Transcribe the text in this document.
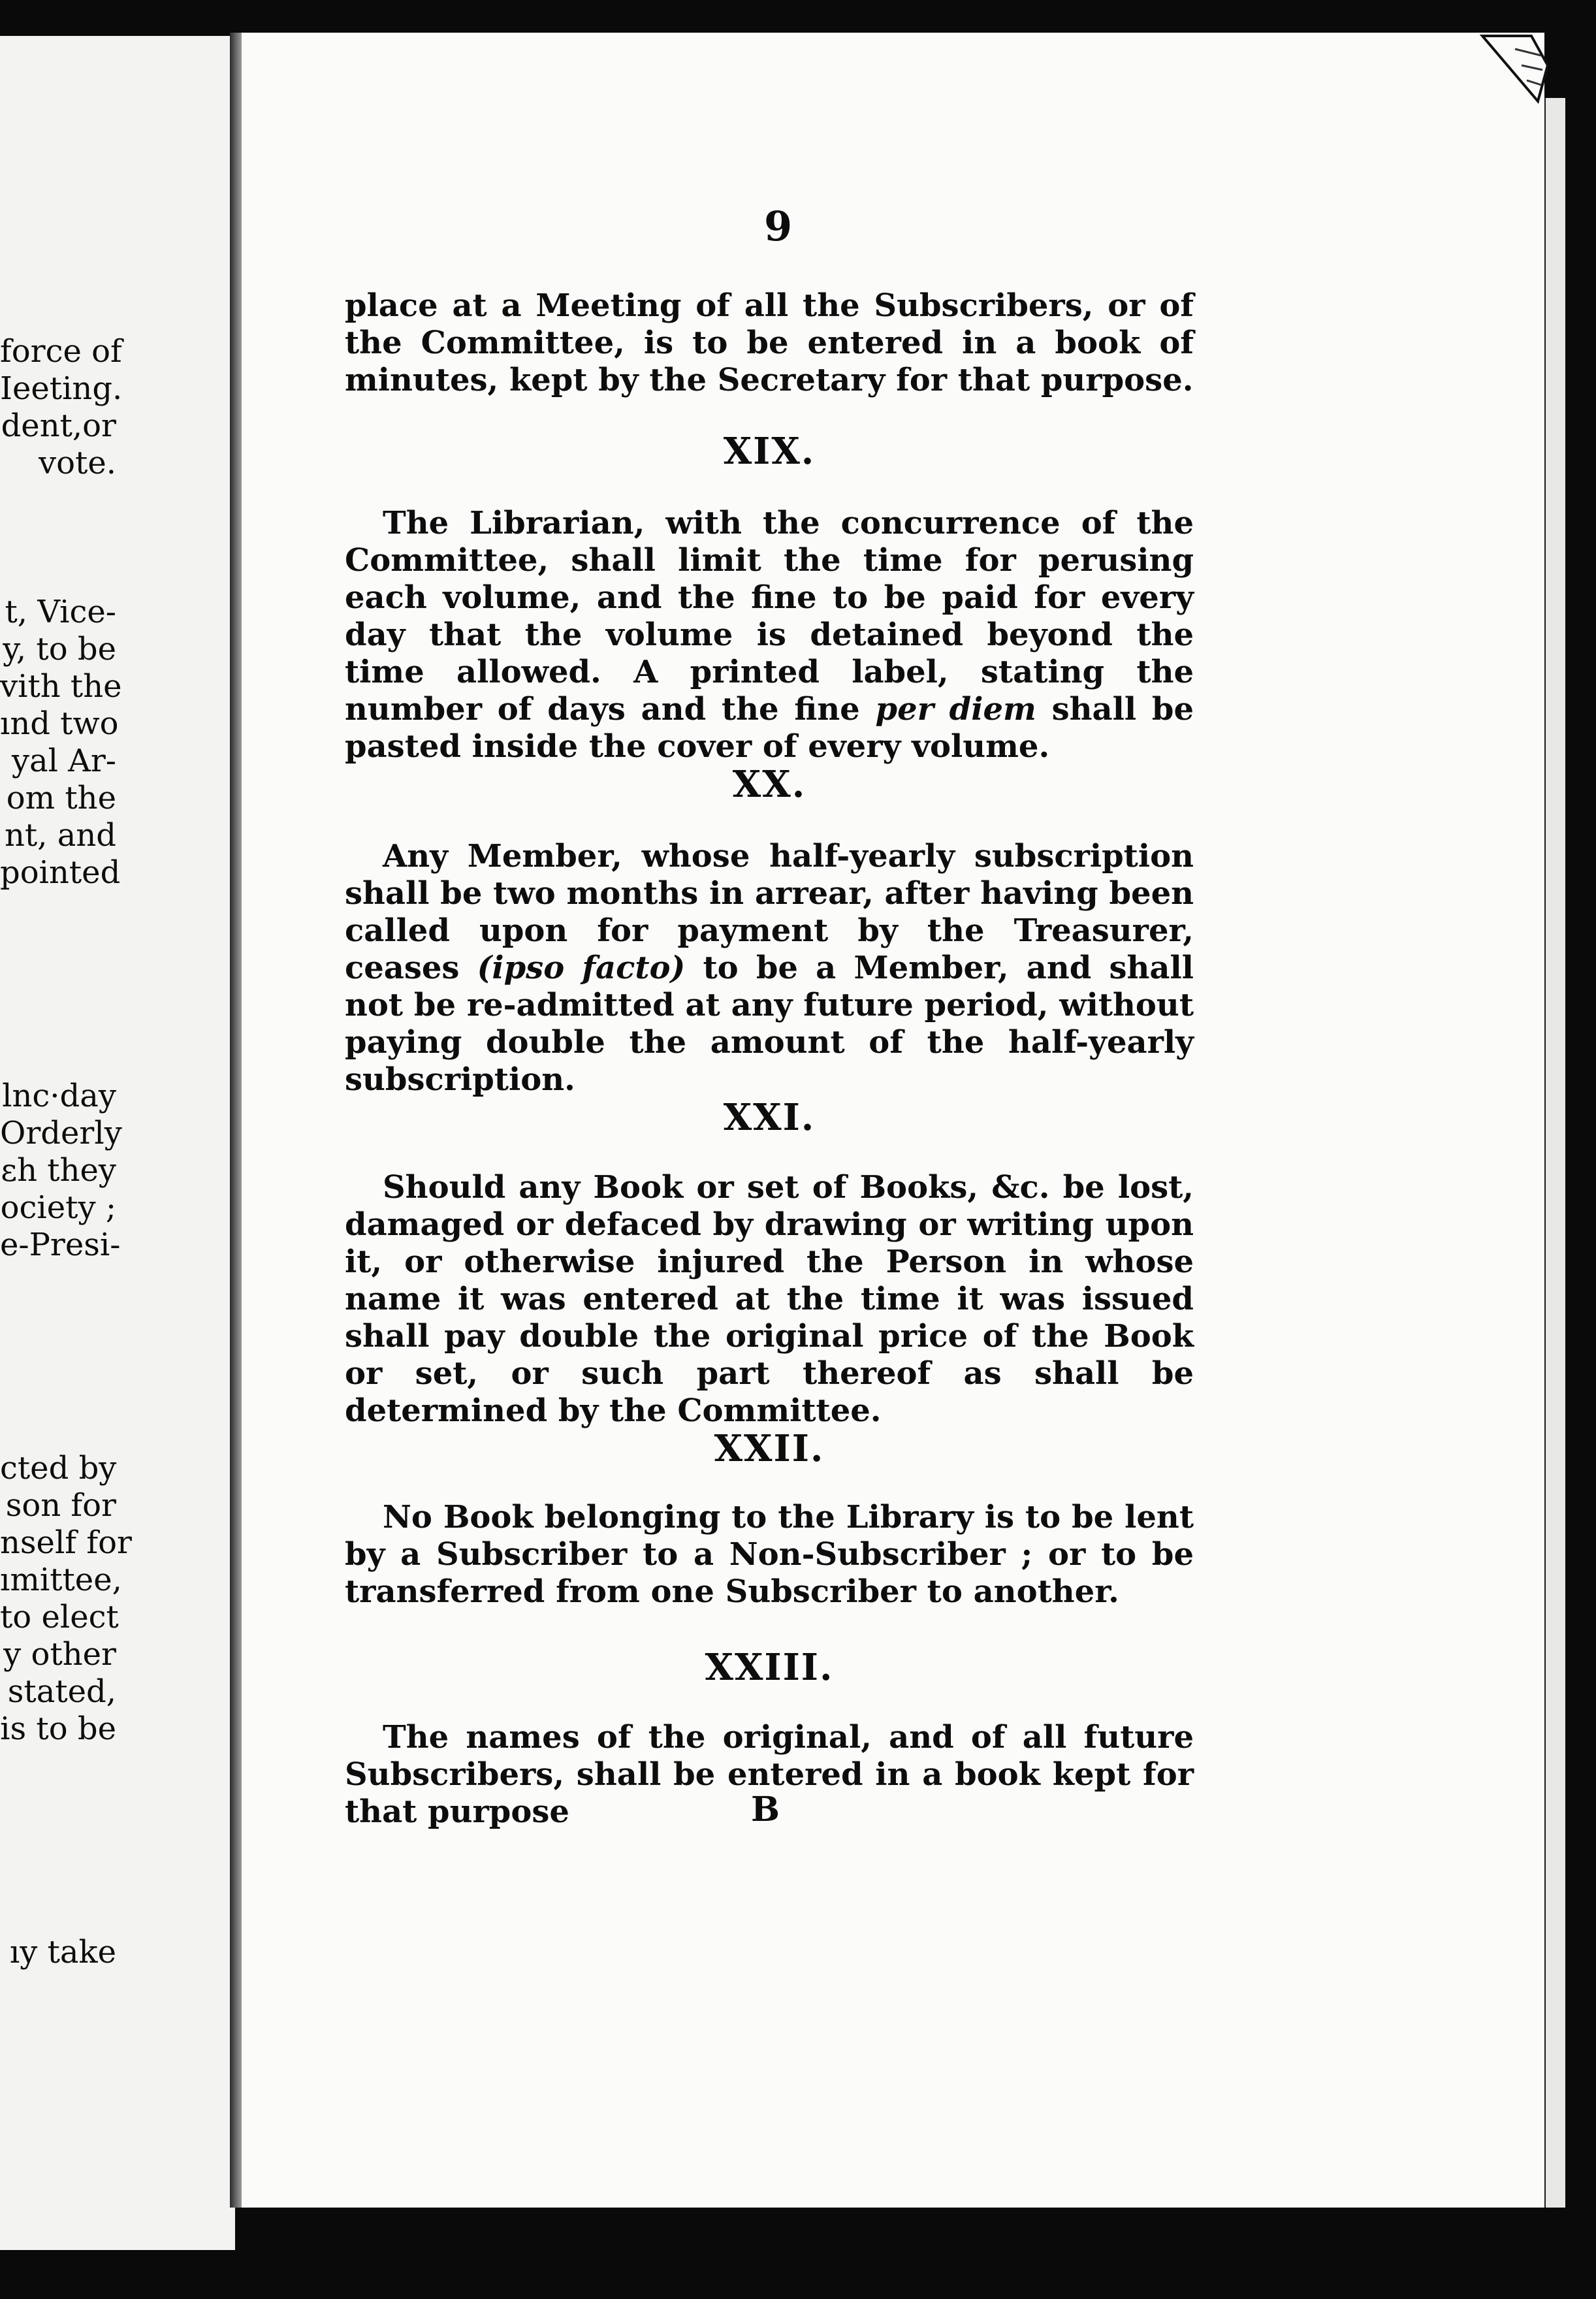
force of
Ieeting.
dent,or
vote.
t, Vice-
y, to be
vith the
ınd two
yal Ar-
om the
nt, and
pointed
lnc·day
Orderly
ɛh they
ociety ;
e-Presi-
cted by
son for
nself for
ımittee,
to elect
y other
stated,
is to be
ıy take
9

place at a Meeting of all the Subscribers, or of the Committee, is to be entered in a book of minutes, kept by the Secretary for that purpose.

XIX.

The Librarian, with the concurrence of the Committee, shall limit the time for perusing each volume, and the fine to be paid for every day that the volume is detained beyond the time allowed. A printed label, stating the number of days and the fine per diem shall be pasted inside the cover of every volume.

XX.

Any Member, whose half-yearly subscription shall be two months in arrear, after having been called upon for payment by the Treasurer, ceases (ipso facto) to be a Member, and shall not be re-admitted at any future period, without paying double the amount of the half-yearly subscription.

XXI.

Should any Book or set of Books, &c. be lost, damaged or defaced by drawing or writing upon it, or otherwise injured the Person in whose name it was entered at the time it was issued shall pay double the original price of the Book or set, or such part thereof as shall be determined by the Committee.

XXII.

No Book belonging to the Library is to be lent by a Subscriber to a Non-Subscriber ; or to be transferred from one Subscriber to another.

XXIII.

The names of the original, and of all future Subscribers, shall be entered in a book kept for that purpose	B
